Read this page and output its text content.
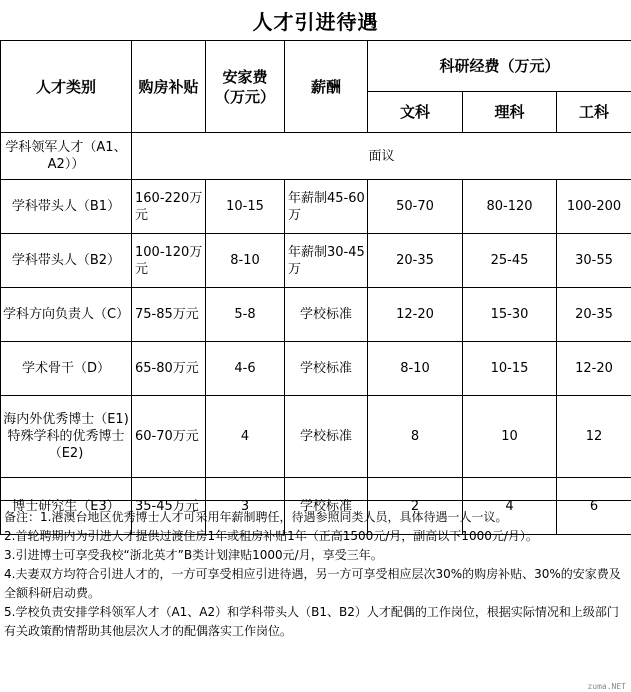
人才引进待遇
人才类别	购房补贴	安家费（万元）	薪酬	科研经费（万元）		
				文科	理科	工科
学科领军人才（A1、A2））	面议					
学科带头人（B1）	160-220万元	10-15	年薪制45-60万	50-70	80-120	100-200
学科带头人（B2）	100-120万元	8-10	年薪制30-45万	20-35	25-45	30-55
学科方向负责人（C）	75-85万元	5-8	学校标准	12-20	15-30	20-35
学术骨干（D）	65-80万元	4-6	学校标准	8-10	10-15	12-20
海内外优秀博士（E1)特殊学科的优秀博士（E2)	60-70万元	4	学校标准	8	10	12
博士研究生（E3）	35-45万元	3	学校标准	2	4	6

备注：1.港澳台地区优秀博士人才可采用年薪制聘任，待遇参照同类人员，具体待遇一人一议。

2.首轮聘期内为引进人才提供过渡住房1年或租房补贴1年（正高1500元/月，副高以下1000元/月）。

3.引进博士可享受我校“浙北英才”B类计划津贴1000元/月，享受三年。

4.夫妻双方均符合引进人才的，一方可享受相应引进待遇，另一方可享受相应层次30%的购房补贴、30%的安家费及全额科研启动费。

5.学校负责安排学科领军人才（A1、A2）和学科带头人（B1、B2）人才配偶的工作岗位，根据实际情况和上级部门有关政策酌情帮助其他层次人才的配偶落实工作岗位。

zuma.NET
